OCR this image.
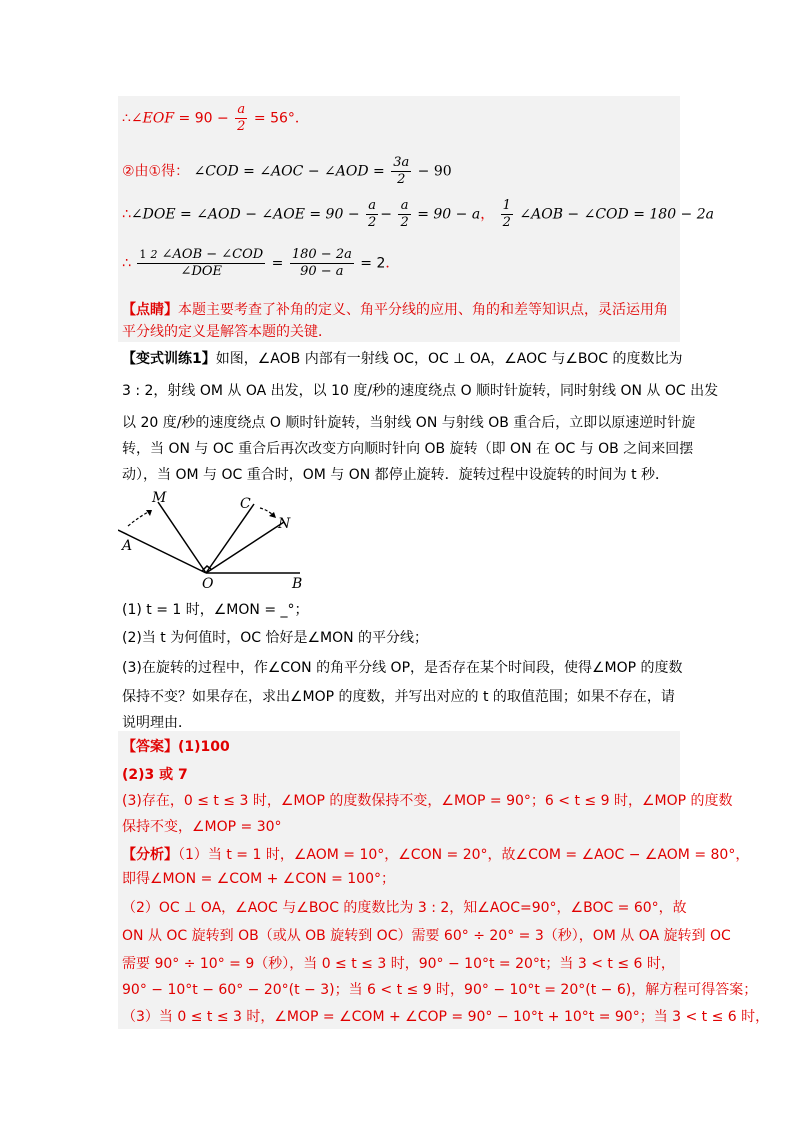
∴∠EOF = $90 - \frac{a}{2} = 56^\circ$．
②由①得： ∠COD = ∠AOC − ∠AOD = $\frac{3a}{2} - 90$
∴∠DOE = ∠AOD − ∠AOE = $90 - \frac{a}{2} - \frac{a}{2} = 90 - a$， $\frac{1}{2}$ ∠AOB − ∠COD = 180 − 2a
∴ $\frac{^1 2 \angle AOB - \angle COD}{\text{∠DOE}} = \frac{180 - 2a}{90 - a} = 2$．
【点睛】本题主要考查了补角的定义、角平分线的应用、角的和差等知识点，灵活运用角
平分线的定义是解答本题的关键．
【变式训练1】如图，∠AOB 内部有一射线 OC，OC ⊥ OA，∠AOC 与∠BOC 的度数比为
3 : 2，射线 OM 从 OA 出发，以 10 度/秒的速度绕点 O 顺时针旋转，同时射线 ON 从 OC 出发
以 20 度/秒的速度绕点 O 顺时针旋转，当射线 ON 与射线 OB 重合后，立即以原速逆时针旋
转，当 ON 与 OC 重合后再次改变方向顺时针向 OB 旋转（即 ON 在 OC 与 OB 之间来回摆
动），当 OM 与 OC 重合时，OM 与 ON 都停止旋转．旋转过程中设旋转的时间为 t 秒．
M	C
N
A
O	B
(1) t = 1 时，∠MON = _°；
(2)当 t 为何值时，OC 恰好是∠MON 的平分线；
(3)在旋转的过程中，作∠CON 的角平分线 OP，是否存在某个时间段，使得∠MOP 的度数
保持不变？如果存在，求出∠MOP 的度数，并写出对应的 t 的取值范围；如果不存在，请
说明理由．
【答案】(1)100
(2)3 或 7
(3)存在，0 ≤ t ≤ 3 时，∠MOP 的度数保持不变，∠MOP = 90°；6 < t ≤ 9 时，∠MOP 的度数
保持不变，∠MOP = 30°
【分析】（1）当 t = 1 时，∠AOM = 10°，∠CON = 20°，故∠COM = ∠AOC − ∠AOM = 80°，
即得∠MON = ∠COM + ∠CON = 100°；
（2）OC ⊥ OA，∠AOC 与∠BOC 的度数比为 3 : 2，知∠AOC=90°，∠BOC = 60°，故
ON 从 OC 旋转到 OB（或从 OB 旋转到 OC）需要 60° ÷ 20° = 3（秒），OM 从 OA 旋转到 OC
需要 90° ÷ 10° = 9（秒），当 0 ≤ t ≤ 3 时，90° − 10°t = 20°t；当 3 < t ≤ 6 时，
90° − 10°t − 60° − 20°(t − 3)；当 6 < t ≤ 9 时，90° − 10°t = 20°(t − 6)，解方程可得答案；
（3）当 0 ≤ t ≤ 3 时，∠MOP = ∠COM + ∠COP = 90° − 10°t + 10°t = 90°；当 3 < t ≤ 6 时，
